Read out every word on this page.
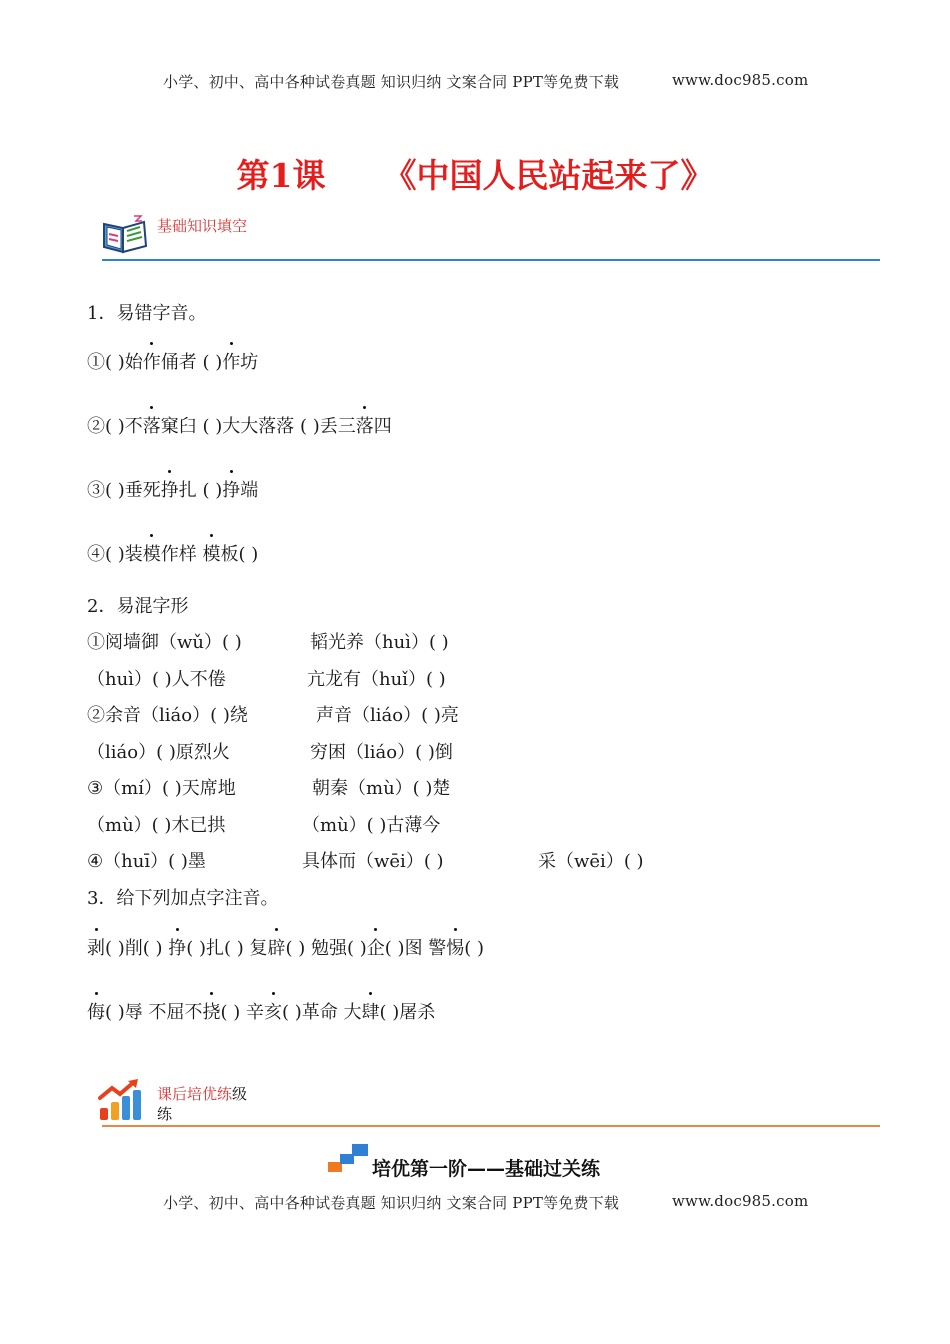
小学、初中、高中各种试卷真题 知识归纳 文案合同 PPT等免费下载	www.doc985.com
第1课 《中国人民站起来了》
基础知识填空
1．易错字音。
①( )始作俑者 ( )作坊
②( )不落窠臼 ( )大大落落 ( )丢三落四
③( )垂死挣扎 ( )挣端
④( )装模作样 模板( )
2．易混字形
①阅墙御（wǔ）( )	韬光养（huì）( )
（huì）( )人不倦	亢龙有（huǐ）( )
②余音（liáo）( )绕	声音（liáo）( )亮
（liáo）( )原烈火	穷困（liáo）( )倒
③（mí）( )天席地	朝秦（mù）( )楚
（mù）( )木已拱	（mù）( )古薄今
④（huī）( )墨	具体而（wēi）( )	采（wēi）( )
3．给下列加点字注音。
剥( )削( ) 挣( )扎( ) 复辟( ) 勉强( )企( )图 警惕( )
侮( )辱 不屈不挠( ) 辛亥( )革命 大肆( )屠杀
课后培优练级
练
培优第一阶——基础过关练
小学、初中、高中各种试卷真题 知识归纳 文案合同 PPT等免费下载	www.doc985.com
